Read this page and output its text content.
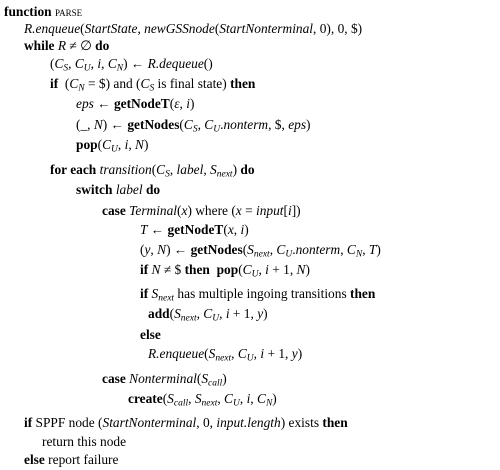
function parse
R.enqueue(StartState, newGSSnode(StartNonterminal, 0), 0, $)
while R ≠ ∅ do
($C_S$, $C_U$, i, $C_N$) ← R.dequeue()
if  ($C_N$ = $) and ($C_S$ is final state) then
eps ← getNodeT(ε, i)
(_, N) ← $getNodes(C_S$, $C_U.nonterm$, $, eps)
$pop(C_U$, i, N)
for each $transition(C_S$, label, $S_{next}$) do
switch label do
case Terminal(x) where (x = input[i])
T ← getNodeT(x, i)
(y, N) ← $getNodes(S_{next}$, $C_U.nonterm$, $C_N$, T)
if N ≠ $ then $pop(C_U$, i + 1, N)
if $S_{next}$ has multiple ingoing transitions then
$add(S_{next}$, $C_U$, i + 1, y)
else
$R.enqueue(S_{next}$, $C_U$, i + 1, y)
case $Nonterminal(S_{call})$
$create(S_{call}$, $S_{next}$, $C_U$, i, $C_N$)
if SPPF node (StartNonterminal, 0, input.length) exists then
return this node
else report failure
